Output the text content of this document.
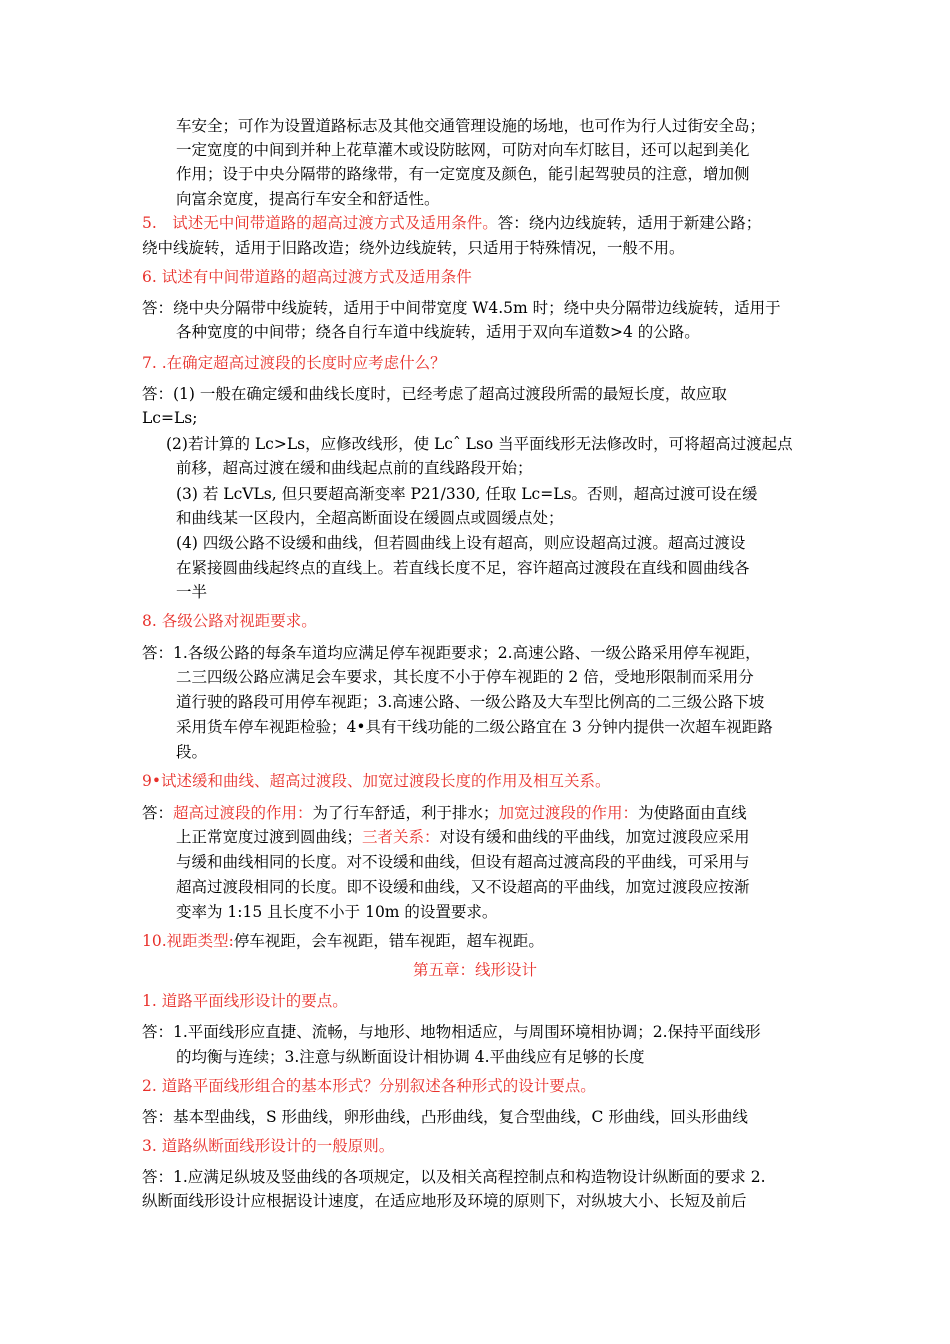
车安全；可作为设置道路标志及其他交通管理设施的场地，也可作为行人过街安全岛；
一定宽度的中间到并种上花草灌木或设防眩网，可防对向车灯眩目，还可以起到美化
作用；设于中央分隔带的路缘带，有一定宽度及颜色，能引起驾驶员的注意，增加侧
向富余宽度，提高行车安全和舒适性。
5.　试述无中间带道路的超高过渡方式及适用条件。答：绕内边线旋转，适用于新建公路；
绕中线旋转，适用于旧路改造；绕外边线旋转，只适用于特殊情况，一般不用。
6. 试述有中间带道路的超高过渡方式及适用条件
答：绕中央分隔带中线旋转，适用于中间带宽度 W4.5m 时；绕中央分隔带边线旋转，适用于
各种宽度的中间带；绕各自行车道中线旋转，适用于双向车道数>4 的公路。
7. .在确定超高过渡段的长度时应考虑什么？
答：(1) 一般在确定缓和曲线长度时，已经考虑了超高过渡段所需的最短长度，故应取
Lc=Ls;
(2)若计算的 Lc>Ls，应修改线形，使 Lcˆ Lso 当平面线形无法修改时，可将超高过渡起点
前移，超高过渡在缓和曲线起点前的直线路段开始；
(3) 若 LcVLs, 但只要超高渐变率 P21/330, 任取 Lc=Ls。否则，超高过渡可设在缓
和曲线某一区段内，全超高断面设在缓圆点或圆缓点处；
(4) 四级公路不设缓和曲线，但若圆曲线上设有超高，则应设超高过渡。超高过渡设
在紧接圆曲线起终点的直线上。若直线长度不足，容许超高过渡段在直线和圆曲线各
一半
8. 各级公路对视距要求。
答：1.各级公路的每条车道均应满足停车视距要求；2.高速公路、一级公路采用停车视距，
二三四级公路应满足会车要求，其长度不小于停车视距的 2 倍，受地形限制而采用分
道行驶的路段可用停车视距；3.高速公路、一级公路及大车型比例高的二三级公路下坡
采用货车停车视距检验；4•具有干线功能的二级公路宜在 3 分钟内提供一次超车视距路
段。
9•试述缓和曲线、超高过渡段、加宽过渡段长度的作用及相互关系。
答：超高过渡段的作用：为了行车舒适，利于排水；加宽过渡段的作用：为使路面由直线
上正常宽度过渡到圆曲线；三者关系：对设有缓和曲线的平曲线，加宽过渡段应采用
与缓和曲线相同的长度。对不设缓和曲线，但设有超高过渡高段的平曲线，可采用与
超高过渡段相同的长度。即不设缓和曲线，又不设超高的平曲线，加宽过渡段应按渐
变率为 1:15 且长度不小于 10m 的设置要求。
10.视距类型:停车视距，会车视距，错车视距，超车视距。
第五章：线形设计
1. 道路平面线形设计的要点。
答：1.平面线形应直捷、流畅，与地形、地物相适应，与周围环境相协调；2.保持平面线形
的均衡与连续；3.注意与纵断面设计相协调 4.平曲线应有足够的长度
2. 道路平面线形组合的基本形式？分别叙述各种形式的设计要点。
答：基本型曲线，S 形曲线，卵形曲线，凸形曲线，复合型曲线，C 形曲线，回头形曲线
3. 道路纵断面线形设计的一般原则。
答：1.应满足纵坡及竖曲线的各项规定，以及相关高程控制点和构造物设计纵断面的要求 2.
纵断面线形设计应根据设计速度，在适应地形及环境的原则下，对纵坡大小、长短及前后
